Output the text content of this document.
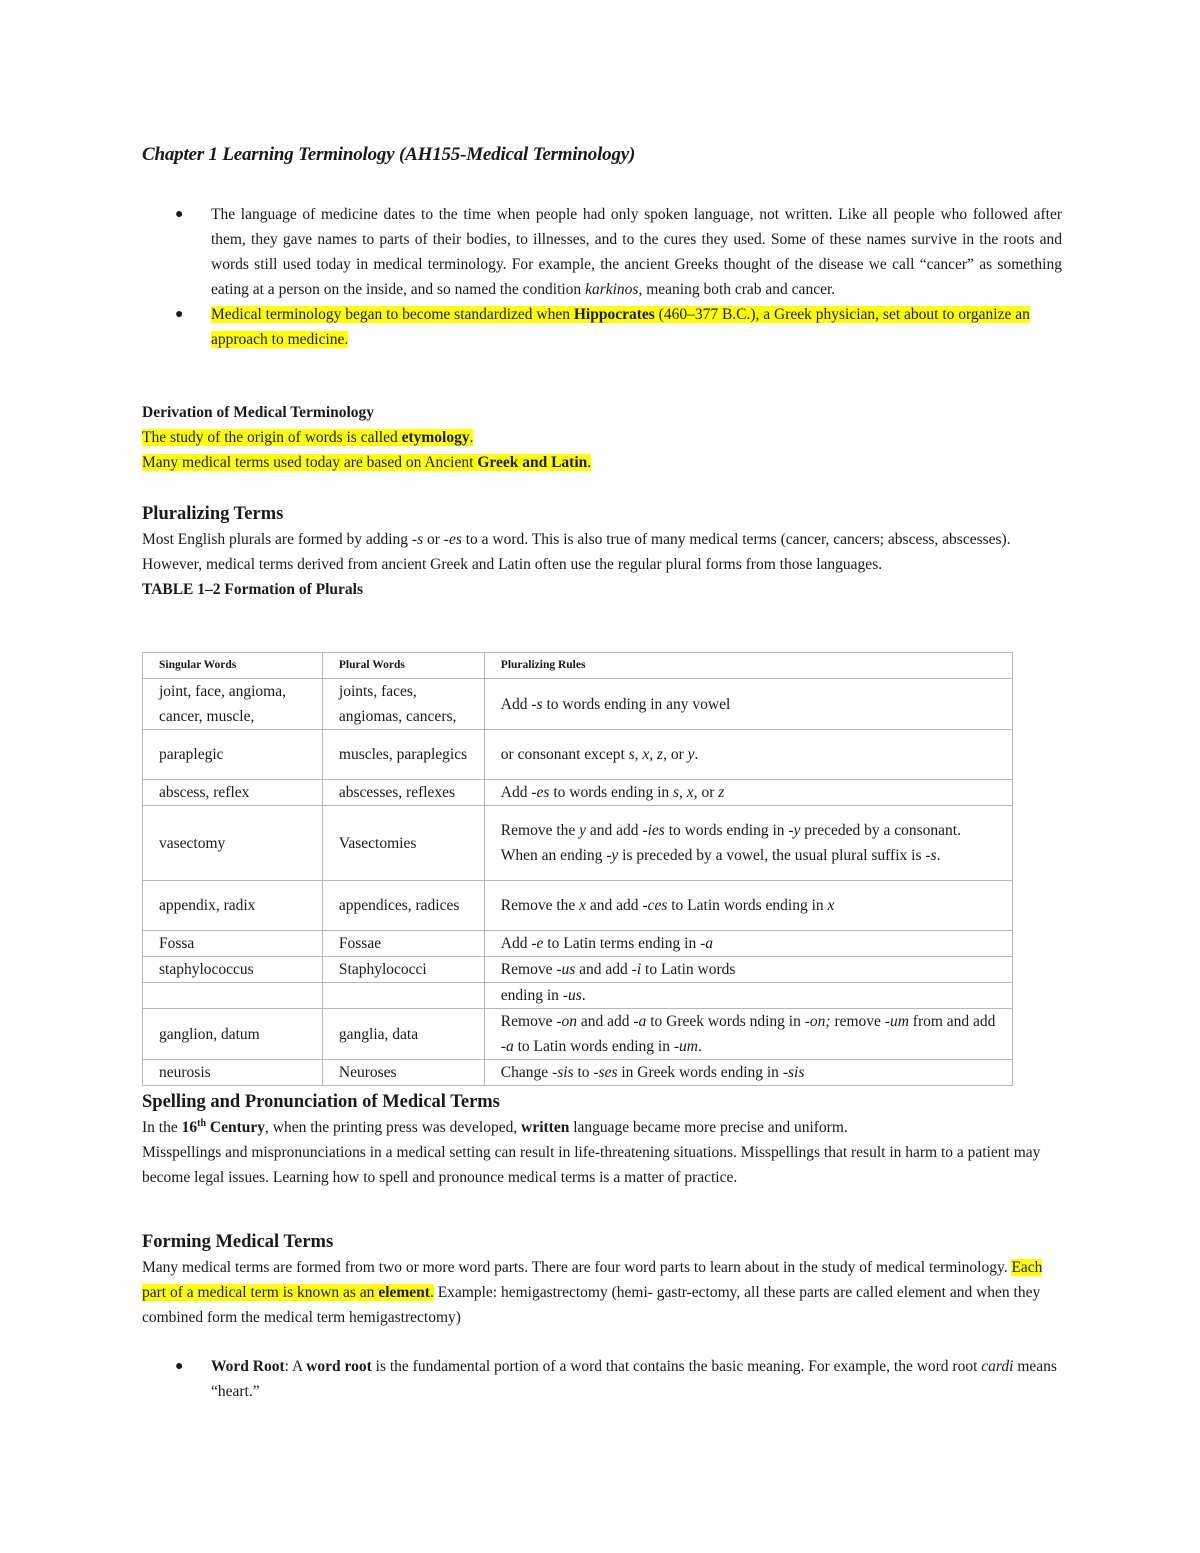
Chapter 1 Learning Terminology (AH155-Medical Terminology)
● The language of medicine dates to the time when people had only spoken language, not written. Like all people who followed after them, they gave names to parts of their bodies, to illnesses, and to the cures they used. Some of these names survive in the roots and words still used today in medical terminology. For example, the ancient Greeks thought of the disease we call “cancer” as something eating at a person on the inside, and so named the condition karkinos, meaning both crab and cancer.
● Medical terminology began to become standardized when Hippocrates (460–377 B.C.), a Greek physician, set about to organize an approach to medicine.

Derivation of Medical Terminology

The study of the origin of words is called etymology.

Many medical terms used today are based on Ancient Greek and Latin.

Pluralizing Terms

Most English plurals are formed by adding -s or -es to a word. This is also true of many medical terms (cancer, cancers; abscess, abscesses). However, medical terms derived from ancient Greek and Latin often use the regular plural forms from those languages.

TABLE 1–2 Formation of Plurals

Singular Words	Plural Words	Pluralizing Rules
joint, face, angioma, cancer, muscle,	joints, faces, angiomas, cancers,	Add -s to words ending in any vowel
paraplegic	muscles, paraplegics	or consonant except s, x, z, or y.
abscess, reflex	abscesses, reflexes	Add -es to words ending in s, x, or z
vasectomy	Vasectomies	Remove the y and add -ies to words ending in -y preceded by a consonant. When an ending -y is preceded by a vowel, the usual plural suffix is -s.
appendix, radix	appendices, radices	Remove the x and add -ces to Latin words ending in x
Fossa	Fossae	Add -e to Latin terms ending in -a
staphylococcus	Staphylococci	Remove -us and add -i to Latin words
		ending in -us.
ganglion, datum	ganglia, data	Remove -on and add -a to Greek words nding in -on; remove -um from and add -a to Latin words ending in -um.
neurosis	Neuroses	Change -sis to -ses in Greek words ending in -sis

Spelling and Pronunciation of Medical Terms

In the 16th Century, when the printing press was developed, written language became more precise and uniform.

Misspellings and mispronunciations in a medical setting can result in life-threatening situations. Misspellings that result in harm to a patient may become legal issues. Learning how to spell and pronounce medical terms is a matter of practice.

Forming Medical Terms

Many medical terms are formed from two or more word parts. There are four word parts to learn about in the study of medical terminology. Each part of a medical term is known as an element. Example: hemigastrectomy (hemi- gastr-ectomy, all these parts are called element and when they combined form the medical term hemigastrectomy)

● Word Root: A word root is the fundamental portion of a word that contains the basic meaning. For example, the word root cardi means “heart.”
